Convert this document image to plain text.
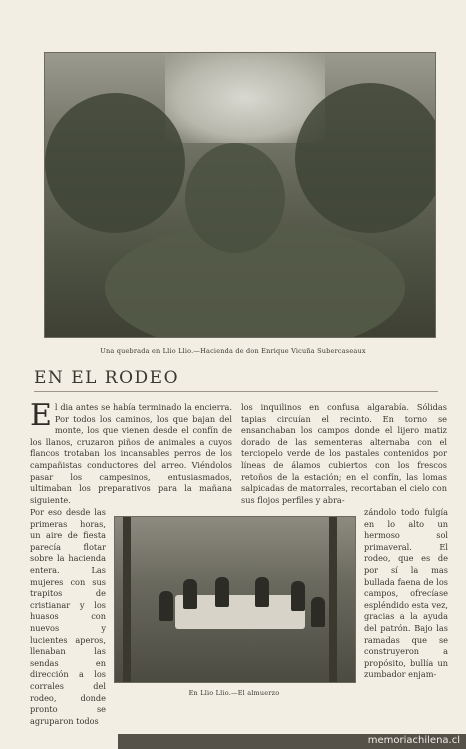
Una quebrada en Llio Llio.—Hacienda de don Enrique Vicuña Subercaseaux
EN EL RODEO

El dia antes se había terminado la encierra. Por todos los caminos, los que bajan del monte, los que vienen desde el confín de los llanos, cruzaron piños de animales a cuyos flancos trotaban los incansables perros de los campañistas conductores del arreo. Viéndolos pasar los campesinos, entusiasmados, ultimaban los preparativos para la mañana siguiente.

los inquilinos en confusa algarabía. Sólidas tapias circuían el recinto. En torno se ensanchaban los campos donde el lijero matiz dorado de las sementeras alternaba con el terciopelo verde de los pastales contenidos por líneas de álamos cubiertos con los frescos retoños de la estación; en el confín, las lomas salpicadas de matorrales, recortaban el cielo con sus flojos perfiles y abra-

Por eso desde las primeras horas, un aire de fiesta parecía flotar sobre la hacienda entera. Las mujeres con sus trapitos de cristianar y los huasos con nuevos y lucientes aperos, llenaban las sendas en dirección a los corrales del rodeo, donde pronto se agruparon todos
En Llio Llio.—El almuerzo
zándolo todo fulgía en lo alto un hermoso sol primaveral. El rodeo, que es de por sí la mas bullada faena de los campos, ofrecíase espléndido esta vez, gracias a la ayuda del patrón. Bajo las ramadas que se construyeron a propósito, bullía un zumbador enjam-
memoriachilena.cl
